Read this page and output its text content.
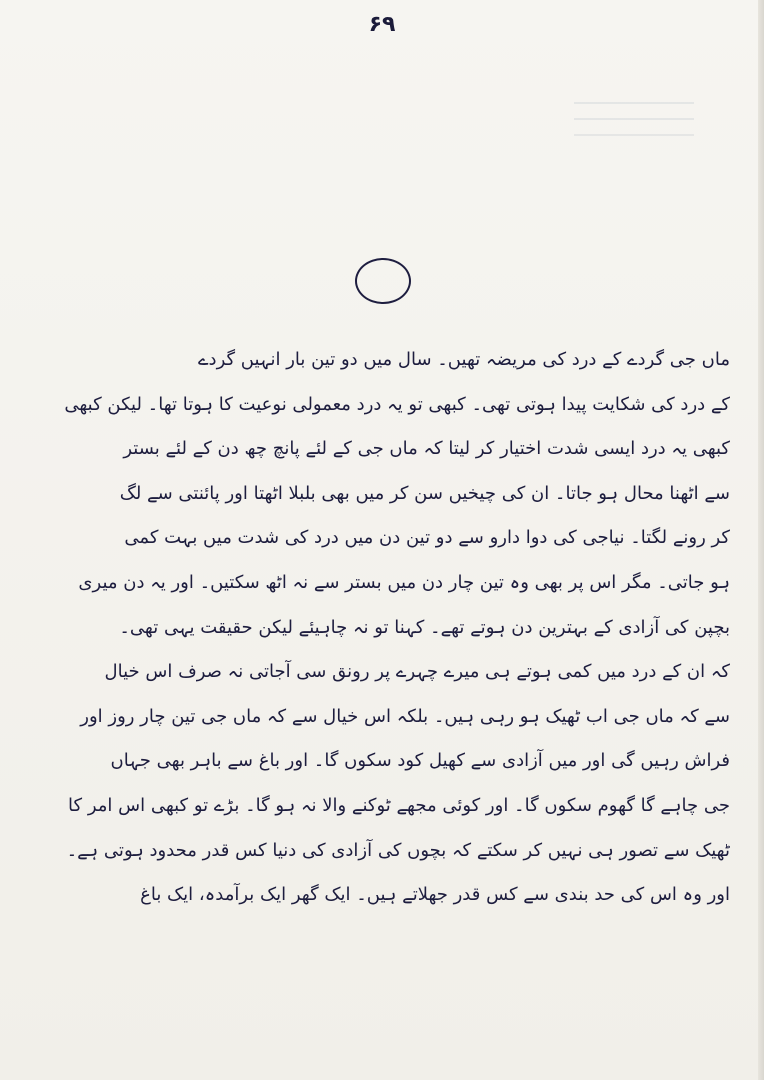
۶۹
ماں جی گردے کے درد کی مریضہ تھیں۔ سال میں دو تین بار انہیں گردے
کے درد کی شکایت پیدا ہوتی تھی۔ کبھی تو یہ درد معمولی نوعیت کا ہوتا تھا۔ لیکن کبھی
کبھی یہ درد ایسی شدت اختیار کر لیتا کہ ماں جی کے لئے پانچ چھ دن کے لئے بستر
سے اٹھنا محال ہو جاتا۔ ان کی چیخیں سن کر میں بھی بلبلا اٹھتا اور پائنتی سے لگ
کر رونے لگتا۔ نیاجی کی دوا دارو سے دو تین دن میں درد کی شدت میں بہت کمی
ہو جاتی۔ مگر اس پر بھی وہ تین چار دن میں بستر سے نہ اٹھ سکتیں۔ اور یہ دن میری
بچپن کی آزادی کے بہترین دن ہوتے تھے۔ کہنا تو نہ چاہیئے لیکن حقیقت یہی تھی۔
کہ ان کے درد میں کمی ہوتے ہی میرے چہرے پر رونق سی آجاتی نہ صرف اس خیال
سے کہ ماں جی اب ٹھیک ہو رہی ہیں۔ بلکہ اس خیال سے کہ ماں جی تین چار روز اور
فراش رہیں گی اور میں آزادی سے کھیل کود سکوں گا۔ اور باغ سے باہر بھی جہاں
جی چاہے گا گھوم سکوں گا۔ اور کوئی مجھے ٹوکنے والا نہ ہو گا۔ بڑے تو کبھی اس امر کا
ٹھیک سے تصور ہی نہیں کر سکتے کہ بچوں کی آزادی کی دنیا کس قدر محدود ہوتی ہے۔
اور وہ اس کی حد بندی سے کس قدر جھلاتے ہیں۔ ایک گھر ایک برآمدہ، ایک باغ
